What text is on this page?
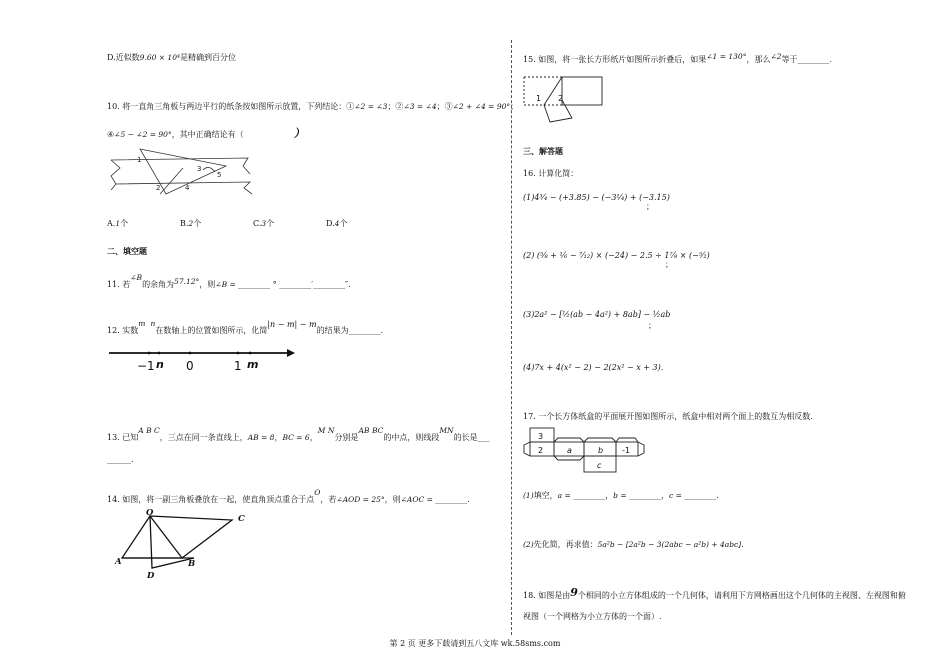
D.近似数9.60 × 10⁴是精确到百分位
10. 将一直角三角板与两边平行的纸条按如图所示放置，下列结论：①∠2 = ∠3；②∠3 = ∠4；③∠2 + ∠4 = 90°；
④∠5 − ∠2 = 90°，其中正确结论有（	）
1
2
3
4
5
A.1个	B.2个	C.3个	D.4个
二、填空题
11. 若∠B的余角为57.12°，则∠B = ________ ° ________′________″.
12. 实数m n在数轴上的位置如图所示，化简|n − m| − m的结果为________.
−1 n 0	1 m
13. 已知A B C，三点在同一条直线上，AB = 8，BC = 6，M N分别是AB BC的中点，则线段MN的长是___
______.
14. 如图，将一副三角板叠放在一起，使直角顶点重合于点O，若∠AOD = 25°，则∠AOC = ________.
O
C
A	B
D
15. 如图，将一张长方形纸片如图所示折叠后，如果∠1 = 130°，那么∠2等于________.
1 2
三、解答题
16. 计算化简：
(1)4³⁄₄ − (+3.85) − (−3¹⁄₄) + (−3.15)
；
(2) (⁵⁄₈ + ¹⁄₆ − ⁷⁄₁₂) × (−24) − 2.5 ÷ 1⁷⁄₈ × (−⁵⁄₂)
；
(3)2a² − [½(ab − 4a²) + 8ab] − ½ab
；
(4)7x + 4(x² − 2) − 2(2x² − x + 3).
17. 一个长方体纸盒的平面展开图如图所示，纸盒中相对两个面上的数互为相反数.
3
2	a	b -1
c
(1)填空，a = ________，b = ________，c = ________.
(2)先化简，再求值：5a²b − [2a²b − 3(2abc − a²b) + 4abc].
18. 如图是由9个相同的小立方体组成的一个几何体，请利用下方网格画出这个几何体的主视图、左视图和俯
视图（一个网格为小立方体的一个面）.
第 2 页 更多下载请到五八文库 wk.58sms.com
